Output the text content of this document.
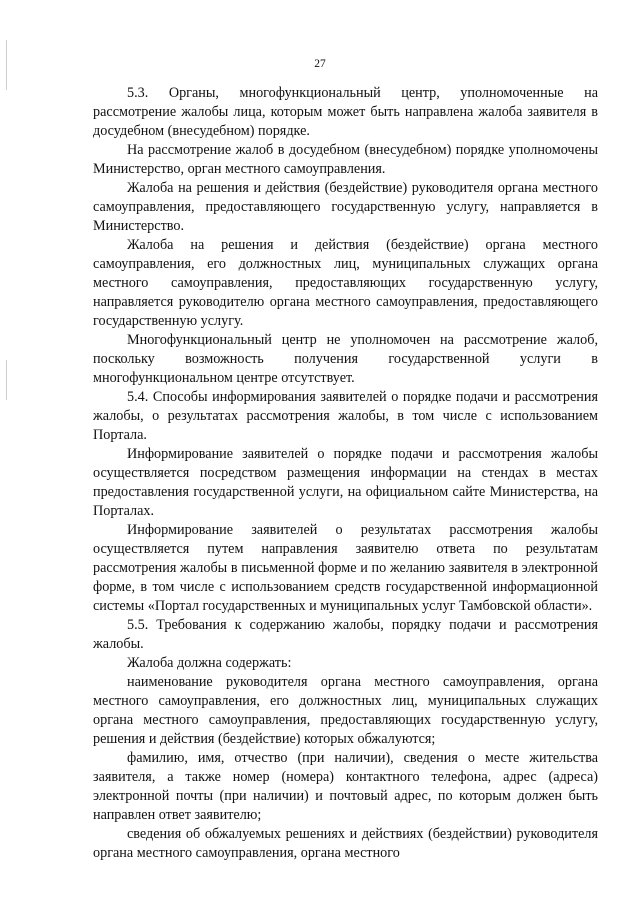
27

5.3. Органы, многофункциональный центр, уполномоченные на рассмотрение жалобы лица, которым может быть направлена жалоба заявителя в досудебном (внесудебном) порядке.

На рассмотрение жалоб в досудебном (внесудебном) порядке уполномочены Министерство, орган местного самоуправления.

Жалоба на решения и действия (бездействие) руководителя органа местного самоуправления, предоставляющего государственную услугу, направляется в Министерство.

Жалоба на решения и действия (бездействие) органа местного самоуправления, его должностных лиц, муниципальных служащих органа местного самоуправления, предоставляющих государственную услугу, направляется руководителю органа местного самоуправления, предоставляющего государственную услугу.

Многофункциональный центр не уполномочен на рассмотрение жалоб, поскольку возможность получения государственной услуги в многофункциональном центре отсутствует.

5.4. Способы информирования заявителей о порядке подачи и рассмотрения жалобы, о результатах рассмотрения жалобы, в том числе с использованием Портала.

Информирование заявителей о порядке подачи и рассмотрения жалобы осуществляется посредством размещения информации на стендах в местах предоставления государственной услуги, на официальном сайте Министерства, на Порталах.

Информирование заявителей о результатах рассмотрения жалобы осуществляется путем направления заявителю ответа по результатам рассмотрения жалобы в письменной форме и по желанию заявителя в электронной форме, в том числе с использованием средств государственной информационной системы «Портал государственных и муниципальных услуг Тамбовской области».

5.5. Требования к содержанию жалобы, порядку подачи и рассмотрения жалобы.

Жалоба должна содержать:

наименование руководителя органа местного самоуправления, органа местного самоуправления, его должностных лиц, муниципальных служащих органа местного самоуправления, предоставляющих государственную услугу, решения и действия (бездействие) которых обжалуются;

фамилию, имя, отчество (при наличии), сведения о месте жительства заявителя, а также номер (номера) контактного телефона, адрес (адреса) электронной почты (при наличии) и почтовый адрес, по которым должен быть направлен ответ заявителю;

сведения об обжалуемых решениях и действиях (бездействии) руководителя органа местного самоуправления, органа местного
